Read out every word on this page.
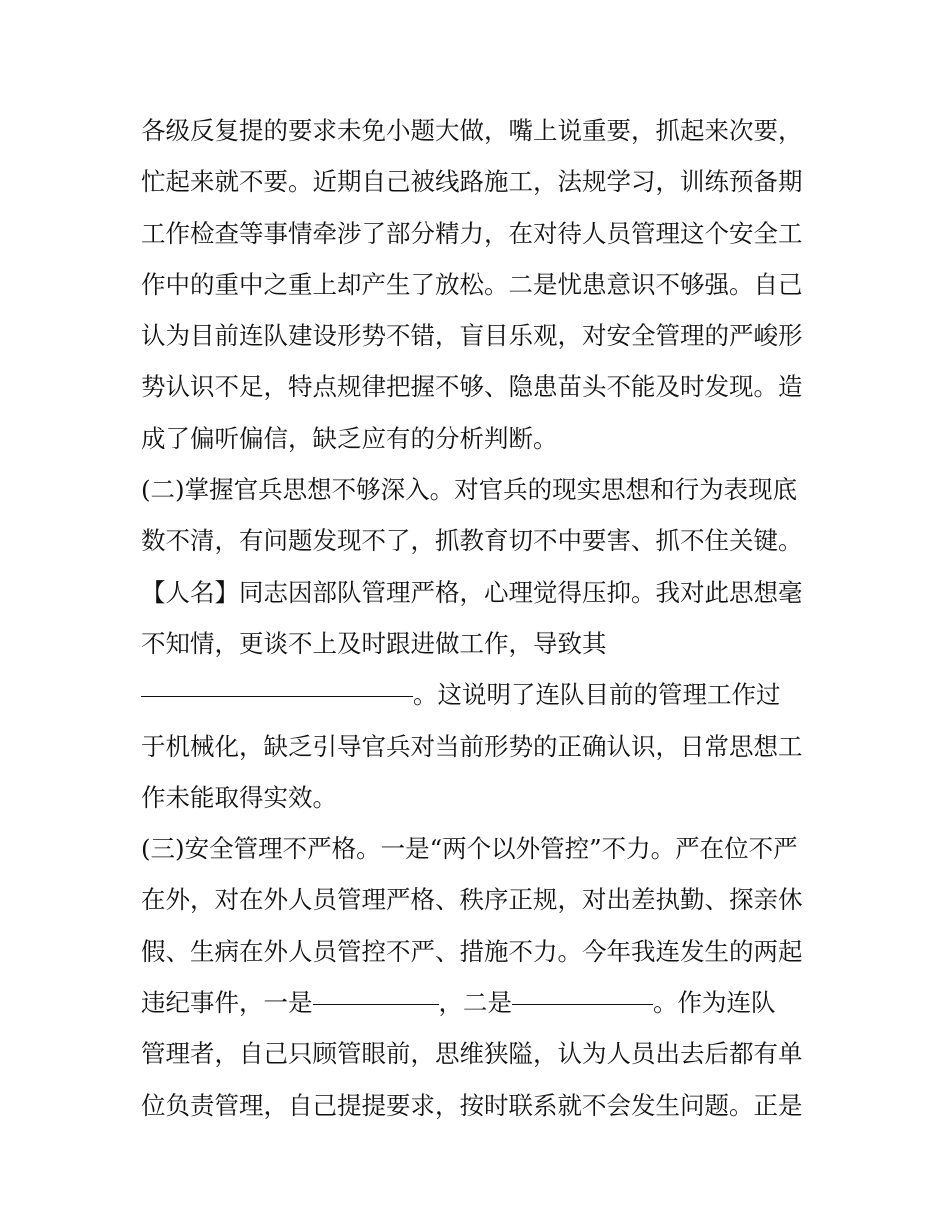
各级反复提的要求未免小题大做，嘴上说重要，抓起来次要，
忙起来就不要。近期自己被线路施工，法规学习，训练预备期
工作检查等事情牵涉了部分精力，在对待人员管理这个安全工
作中的重中之重上却产生了放松。二是忧患意识不够强。自己
认为目前连队建设形势不错，盲目乐观，对安全管理的严峻形
势认识不足，特点规律把握不够、隐患苗头不能及时发现。造
成了偏听偏信，缺乏应有的分析判断。
(二)掌握官兵思想不够深入。对官兵的现实思想和行为表现底
数不清，有问题发现不了，抓教育切不中要害、抓不住关键。
【人名】同志因部队管理严格，心理觉得压抑。我对此思想毫
不知情，更谈不上及时跟进做工作，导致其
。这说明了连队目前的管理工作过
于机械化，缺乏引导官兵对当前形势的正确认识，日常思想工
作未能取得实效。
(三)安全管理不严格。一是“两个以外管控”不力。严在位不严
在外，对在外人员管理严格、秩序正规，对出差执勤、探亲休
假、生病在外人员管控不严、措施不力。今年我连发生的两起
违纪事件，一是	，二是	。作为连队
管理者，自己只顾管眼前，思维狭隘，认为人员出去后都有单
位负责管理，自己提提要求，按时联系就不会发生问题。正是
